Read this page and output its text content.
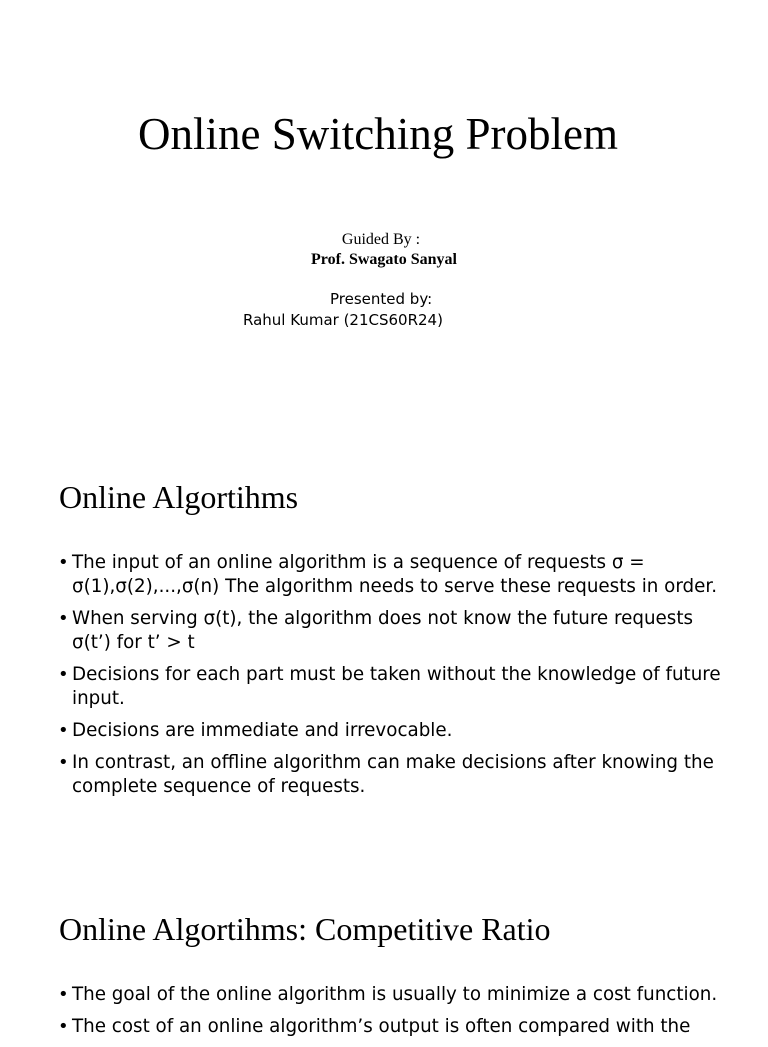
Online Switching Problem
Guided By :
Prof. Swagato Sanyal
Presented by:
Rahul Kumar (21CS60R24)
Online Algortihms
• The input of an online algorithm is a sequence of requests σ = σ(1),σ(2),...,σ(n) The algorithm needs to serve these requests in order.
• When serving σ(t), the algorithm does not know the future requests σ(t’) for t’ > t
• Decisions for each part must be taken without the knowledge of future input.
• Decisions are immediate and irrevocable.
• In contrast, an offline algorithm can make decisions after knowing the complete sequence of requests.
Online Algortihms: Competitive Ratio
• The goal of the online algorithm is usually to minimize a cost function.
• The cost of an online algorithm’s output is often compared with the
